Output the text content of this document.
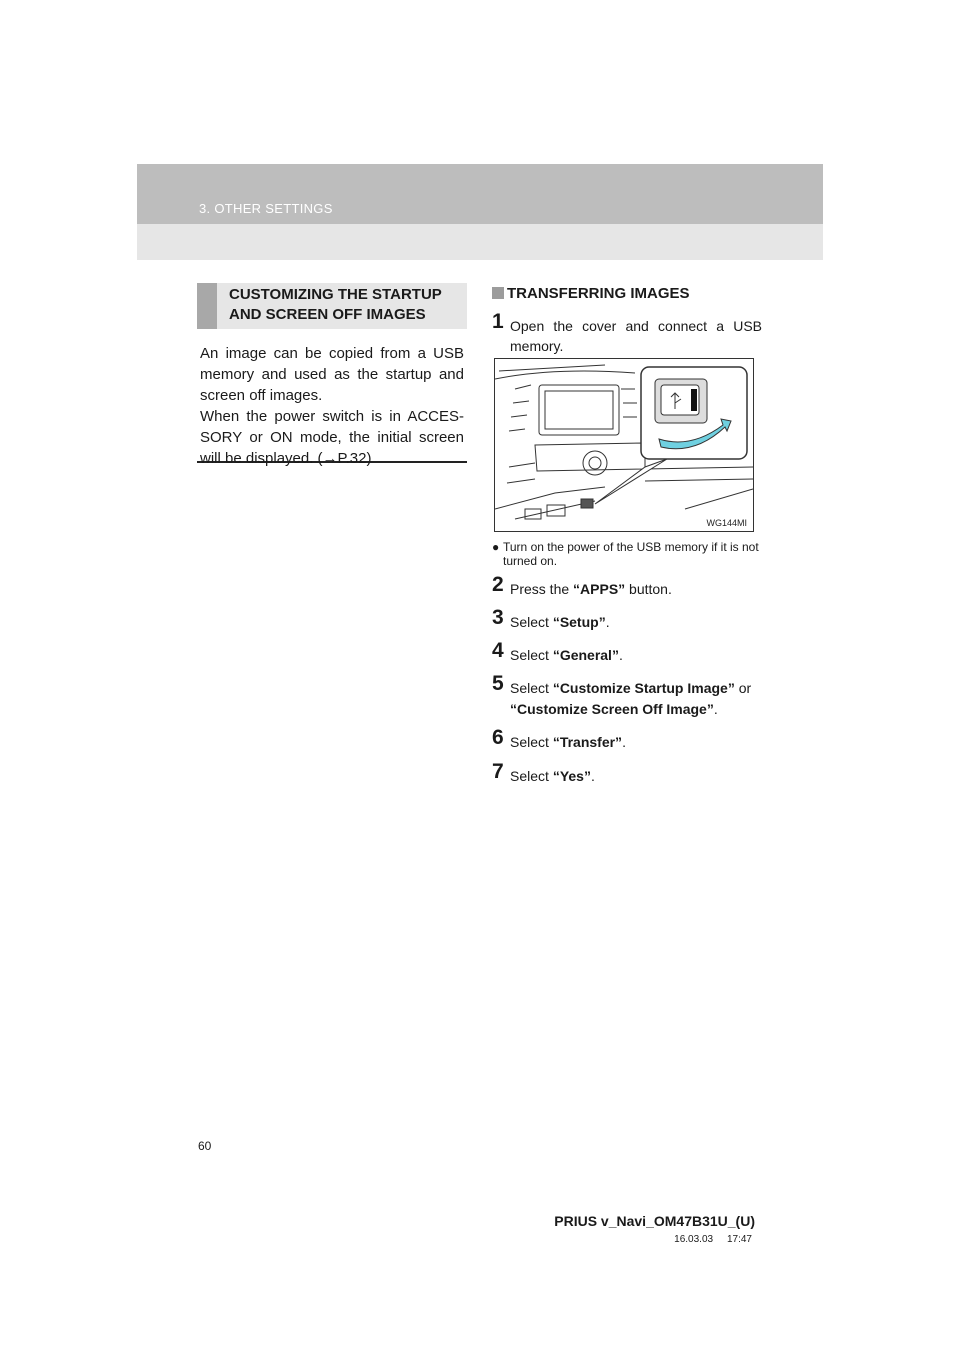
3. OTHER SETTINGS
CUSTOMIZING THE STARTUP
AND SCREEN OFF IMAGES

An image can be copied from a USB memory and used as the startup and screen off images.

When the power switch is in ACCES-SORY or ON mode, the initial screen will be displayed. (→P.32)

TRANSFERRING IMAGES
1 Open the cover and connect a USB memory.
WG144MI
● Turn on the power of the USB memory if it is not turned on.
2 Press the “APPS” button.
3 Select “Setup”.
4 Select “General”.
5 Select “Customize Startup Image” or
“Customize Screen Off Image”.
6 Select “Transfer”.
7 Select “Yes”.
60
PRIUS v_Navi_OM47B31U_(U)
16.03.03     17:47
